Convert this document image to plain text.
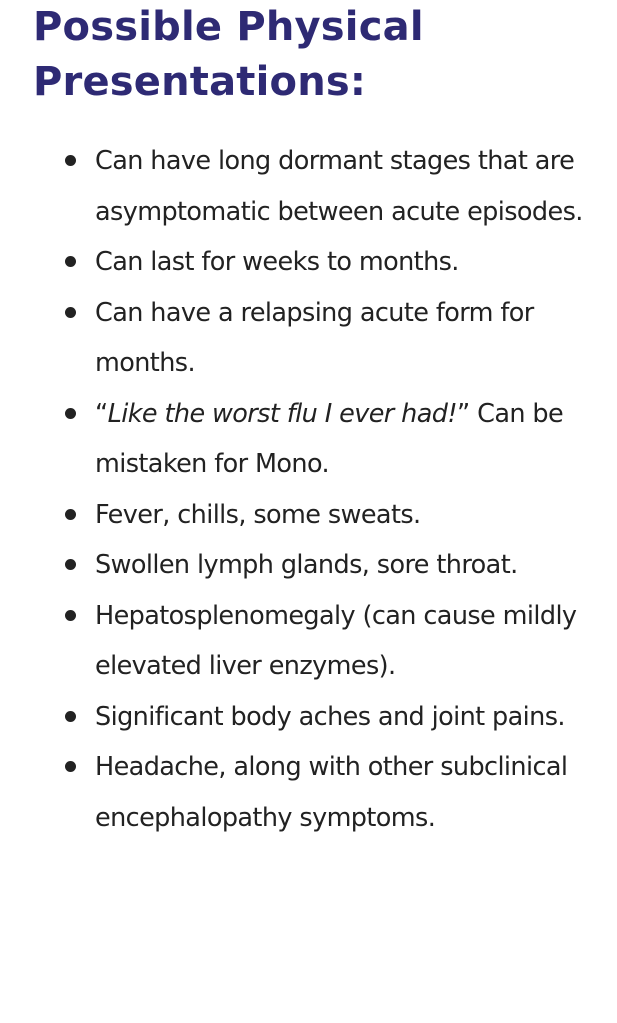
Possible Physical
Presentations:
Can have long dormant stages that are asymptomatic between acute episodes.
Can last for weeks to months.
Can have a relapsing acute form for months.
“Like the worst flu I ever had!” Can be mistaken for Mono.
Fever, chills, some sweats.
Swollen lymph glands, sore throat.
Hepatosplenomegaly (can cause mildly elevated liver enzymes).
Significant body aches and joint pains.
Headache, along with other subclinical encephalopathy symptoms.
